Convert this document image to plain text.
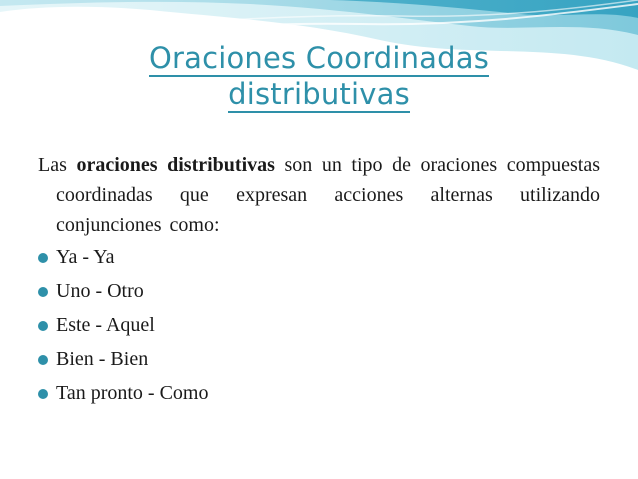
Oraciones Coordinadas
distributivas

Las oraciones distributivas son un tipo de oraciones compuestas coordinadas que expresan acciones alternas utilizando conjunciones como:

Ya - Ya
Uno - Otro
Este - Aquel
Bien - Bien
Tan pronto - Como
